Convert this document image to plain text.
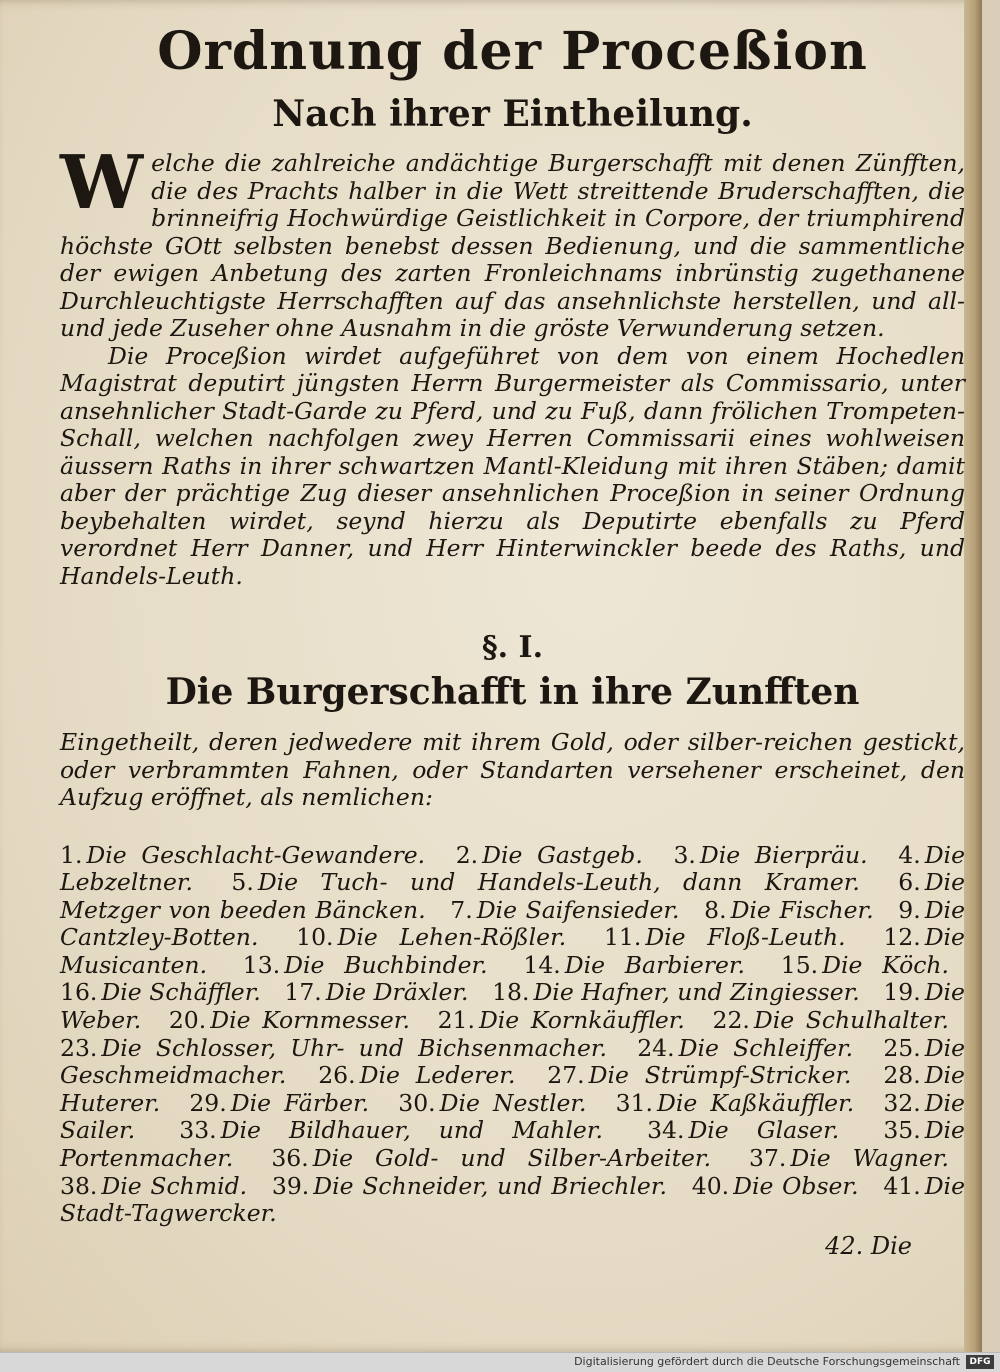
Ordnung der Proceßion
Nach ihrer Eintheilung.

Welche die zahlreiche andächtige Burgerschafft mit denen Zünfften, die des Prachts halber in die Wett streittende Bruderschafften, die brinneifrig Hochwürdige Geistlichkeit in Corpore, der triumphirend höchste GOtt selbsten benebst dessen Bedienung, und die sammentliche der ewigen Anbetung des zarten Fronleichnams inbrünstig zugethanene Durchleuchtigste Herrschafften auf das ansehnlichste herstellen, und all- und jede Zuseher ohne Ausnahm in die gröste Verwunderung setzen.

Die Proceßion wirdet aufgeführet von dem von einem Hochedlen Magistrat deputirt jüngsten Herrn Burgermeister als Commissario, unter ansehnlicher Stadt-Garde zu Pferd, und zu Fuß, dann frölichen Trompeten-Schall, welchen nachfolgen zwey Herren Commissarii eines wohlweisen äussern Raths in ihrer schwartzen Mantl-Kleidung mit ihren Stäben; damit aber der prächtige Zug dieser ansehnlichen Proceßion in seiner Ordnung beybehalten wirdet, seynd hierzu als Deputirte ebenfalls zu Pferd verordnet Herr Danner, und Herr Hinterwinckler beede des Raths, und Handels-Leuth.

§. I.
Die Burgerschafft in ihre Zunfften

Eingetheilt, deren jedwedere mit ihrem Gold, oder silber-reichen gestickt, oder verbrammten Fahnen, oder Standarten versehener erscheinet, den Aufzug eröffnet, als nemlichen:

1. Die Geschlacht-Gewandere. 2. Die Gastgeb. 3. Die Bierpräu. 4. Die Lebzeltner. 5. Die Tuch- und Handels-Leuth, dann Kramer. 6. Die Metzger von beeden Bäncken. 7. Die Saifensieder. 8. Die Fischer. 9. Die Cantzley-Botten. 10. Die Lehen-Rößler. 11. Die Floß-Leuth. 12. Die Musicanten. 13. Die Buchbinder. 14. Die Barbierer. 15. Die Köch. 16. Die Schäffler. 17. Die Dräxler. 18. Die Hafner, und Zingiesser. 19. Die Weber. 20. Die Kornmesser. 21. Die Kornkäuffler. 22. Die Schulhalter. 23. Die Schlosser, Uhr- und Bichsenmacher. 24. Die Schleiffer. 25. Die Geschmeidmacher. 26. Die Lederer. 27. Die Strümpf-Stricker. 28. Die Huterer. 29. Die Färber. 30. Die Nestler. 31. Die Kaßkäuffler. 32. Die Sailer. 33. Die Bildhauer, und Mahler. 34. Die Glaser. 35. Die Portenmacher. 36. Die Gold- und Silber-Arbeiter. 37. Die Wagner. 38. Die Schmid. 39. Die Schneider, und Briechler. 40. Die Obser. 41. Die Stadt-Tagwercker.

42. Die
Digitalisierung gefördert durch die Deutsche Forschungsgemeinschaft	DFG
